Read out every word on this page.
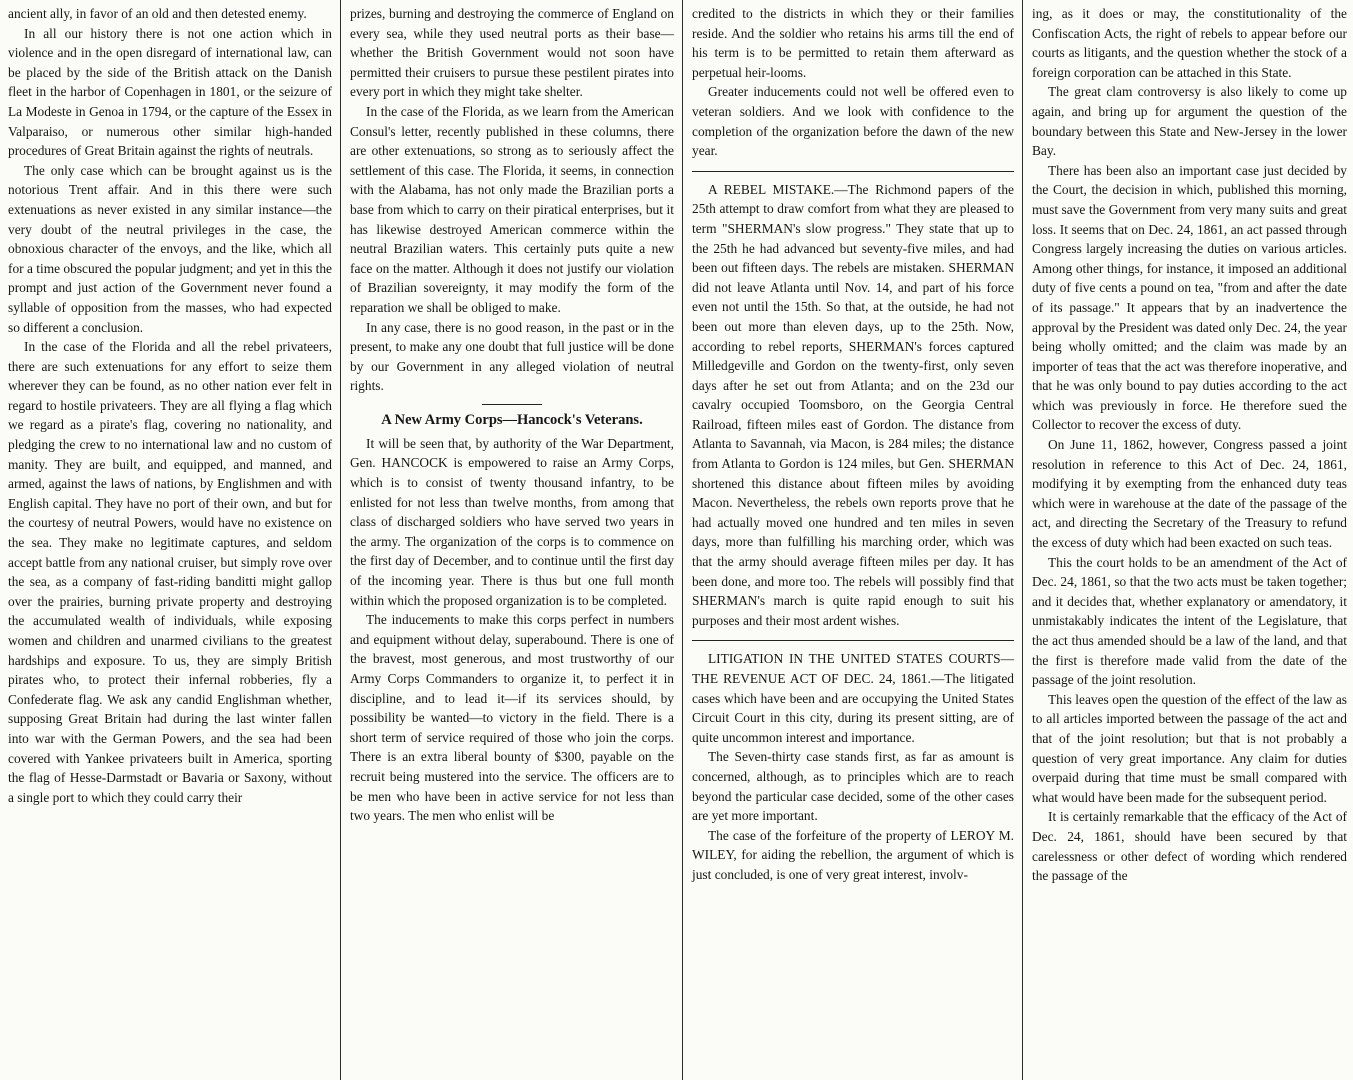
ancient ally, in favor of an old and then detested enemy.

In all our history there is not one action which in violence and in the open disregard of international law, can be placed by the side of the British attack on the Danish fleet in the harbor of Copenhagen in 1801, or the seizure of La Modeste in Genoa in 1794, or the capture of the Essex in Valparaiso, or numerous other similar high-handed procedures of Great Britain against the rights of neutrals.

The only case which can be brought against us is the notorious Trent affair. And in this there were such extenuations as never existed in any similar instance—the very doubt of the neutral privileges in the case, the obnoxious character of the envoys, and the like, which all for a time obscured the popular judgment; and yet in this the prompt and just action of the Government never found a syllable of opposition from the masses, who had expected so different a conclusion.

In the case of the Florida and all the rebel privateers, there are such extenuations for any effort to seize them wherever they can be found, as no other nation ever felt in regard to hostile privateers. They are all flying a flag which we regard as a pirate's flag, covering no nationality, and pledging the crew to no international law and no custom of manity. They are built, and equipped, and manned, and armed, against the laws of nations, by Englishmen and with English capital. They have no port of their own, and but for the courtesy of neutral Powers, would have no existence on the sea. They make no legitimate captures, and seldom accept battle from any national cruiser, but simply rove over the sea, as a company of fast-riding banditti might gallop over the prairies, burning private property and destroying the accumulated wealth of individuals, while exposing women and children and unarmed civilians to the greatest hardships and exposure. To us, they are simply British pirates who, to protect their infernal robberies, fly a Confederate flag. We ask any candid Englishman whether, supposing Great Britain had during the last winter fallen into war with the German Powers, and the sea had been covered with Yankee privateers built in America, sporting the flag of Hesse-Darmstadt or Bavaria or Saxony, without a single port to which they could carry their

prizes, burning and destroying the commerce of England on every sea, while they used neutral ports as their base—whether the British Government would not soon have permitted their cruisers to pursue these pestilent pirates into every port in which they might take shelter.

In the case of the Florida, as we learn from the American Consul's letter, recently published in these columns, there are other extenuations, so strong as to seriously affect the settlement of this case. The Florida, it seems, in connection with the Alabama, has not only made the Brazilian ports a base from which to carry on their piratical enterprises, but it has likewise destroyed American commerce within the neutral Brazilian waters. This certainly puts quite a new face on the matter. Although it does not justify our violation of Brazilian sovereignty, it may modify the form of the reparation we shall be obliged to make.

In any case, there is no good reason, in the past or in the present, to make any one doubt that full justice will be done by our Government in any alleged violation of neutral rights.

A New Army Corps—Hancock's Veterans.

It will be seen that, by authority of the War Department, Gen. HANCOCK is empowered to raise an Army Corps, which is to consist of twenty thousand infantry, to be enlisted for not less than twelve months, from among that class of discharged soldiers who have served two years in the army. The organization of the corps is to commence on the first day of December, and to continue until the first day of the incoming year. There is thus but one full month within which the proposed organization is to be completed.

The inducements to make this corps perfect in numbers and equipment without delay, superabound. There is one of the bravest, most generous, and most trustworthy of our Army Corps Commanders to organize it, to perfect it in discipline, and to lead it—if its services should, by possibility be wanted—to victory in the field. There is a short term of service required of those who join the corps. There is an extra liberal bounty of $300, payable on the recruit being mustered into the service. The officers are to be men who have been in active service for not less than two years. The men who enlist will be

credited to the districts in which they or their families reside. And the soldier who retains his arms till the end of his term is to be permitted to retain them afterward as perpetual heir-looms.

Greater inducements could not well be offered even to veteran soldiers. And we look with confidence to the completion of the organization before the dawn of the new year.

A REBEL MISTAKE.—The Richmond papers of the 25th attempt to draw comfort from what they are pleased to term "SHERMAN's slow progress." They state that up to the 25th he had advanced but seventy-five miles, and had been out fifteen days. The rebels are mistaken. SHERMAN did not leave Atlanta until Nov. 14, and part of his force even not until the 15th. So that, at the outside, he had not been out more than eleven days, up to the 25th. Now, according to rebel reports, SHERMAN's forces captured Milledgeville and Gordon on the twenty-first, only seven days after he set out from Atlanta; and on the 23d our cavalry occupied Toomsboro, on the Georgia Central Railroad, fifteen miles east of Gordon. The distance from Atlanta to Savannah, via Macon, is 284 miles; the distance from Atlanta to Gordon is 124 miles, but Gen. SHERMAN shortened this distance about fifteen miles by avoiding Macon. Nevertheless, the rebels own reports prove that he had actually moved one hundred and ten miles in seven days, more than fulfilling his marching order, which was that the army should average fifteen miles per day. It has been done, and more too. The rebels will possibly find that SHERMAN's march is quite rapid enough to suit his purposes and their most ardent wishes.

LITIGATION IN THE UNITED STATES COURTS—THE REVENUE ACT OF DEC. 24, 1861.—The litigated cases which have been and are occupying the United States Circuit Court in this city, during its present sitting, are of quite uncommon interest and importance.

The Seven-thirty case stands first, as far as amount is concerned, although, as to principles which are to reach beyond the particular case decided, some of the other cases are yet more important.

The case of the forfeiture of the property of LEROY M. WILEY, for aiding the rebellion, the argument of which is just concluded, is one of very great interest, involv-

ing, as it does or may, the constitutionality of the Confiscation Acts, the right of rebels to appear before our courts as litigants, and the question whether the stock of a foreign corporation can be attached in this State.

The great clam controversy is also likely to come up again, and bring up for argument the question of the boundary between this State and New-Jersey in the lower Bay.

There has been also an important case just decided by the Court, the decision in which, published this morning, must save the Government from very many suits and great loss. It seems that on Dec. 24, 1861, an act passed through Congress largely increasing the duties on various articles. Among other things, for instance, it imposed an additional duty of five cents a pound on tea, "from and after the date of its passage." It appears that by an inadvertence the approval by the President was dated only Dec. 24, the year being wholly omitted; and the claim was made by an importer of teas that the act was therefore inoperative, and that he was only bound to pay duties according to the act which was previously in force. He therefore sued the Collector to recover the excess of duty.

On June 11, 1862, however, Congress passed a joint resolution in reference to this Act of Dec. 24, 1861, modifying it by exempting from the enhanced duty teas which were in warehouse at the date of the passage of the act, and directing the Secretary of the Treasury to refund the excess of duty which had been exacted on such teas.

This the court holds to be an amendment of the Act of Dec. 24, 1861, so that the two acts must be taken together; and it decides that, whether explanatory or amendatory, it unmistakably indicates the intent of the Legislature, that the act thus amended should be a law of the land, and that the first is therefore made valid from the date of the passage of the joint resolution.

This leaves open the question of the effect of the law as to all articles imported between the passage of the act and that of the joint resolution; but that is not probably a question of very great importance. Any claim for duties overpaid during that time must be small compared with what would have been made for the subsequent period.

It is certainly remarkable that the efficacy of the Act of Dec. 24, 1861, should have been secured by that carelessness or other defect of wording which rendered the passage of the
